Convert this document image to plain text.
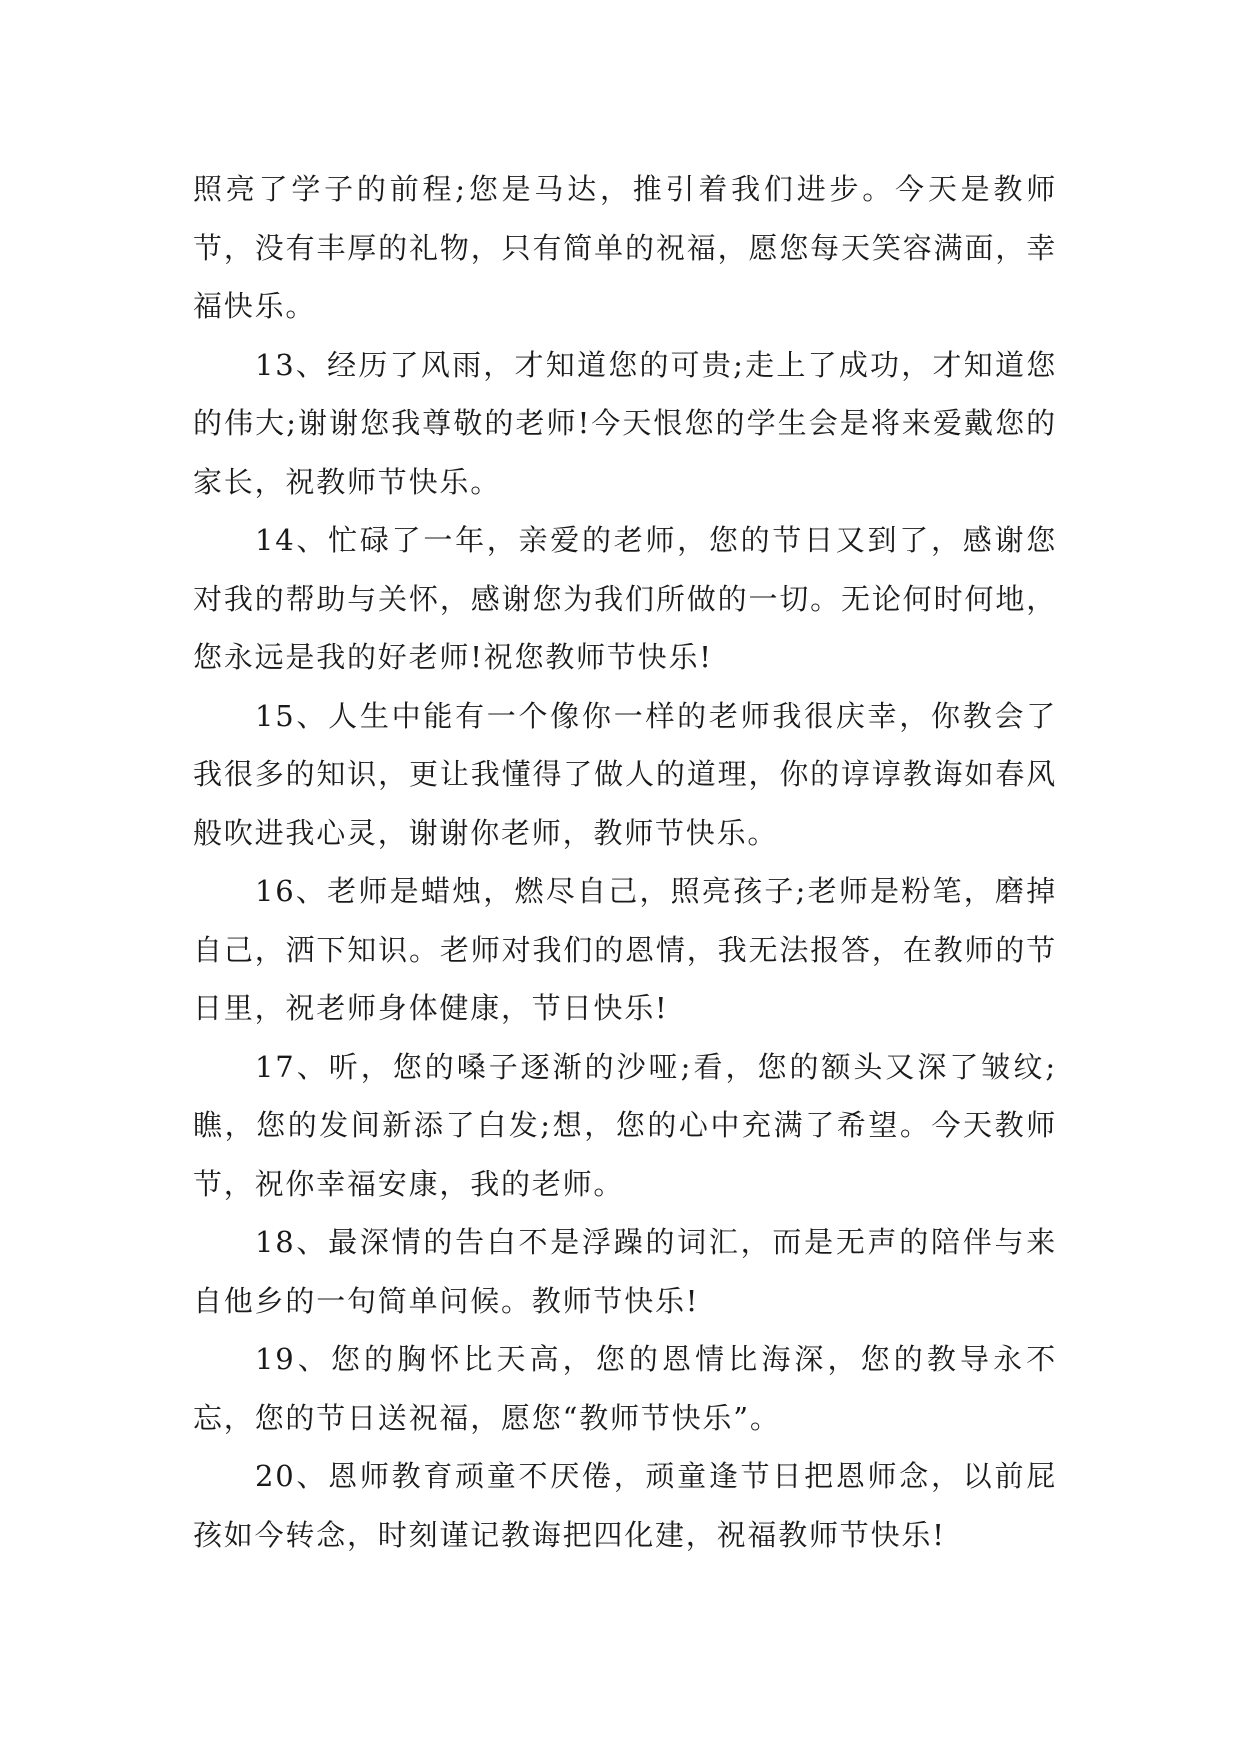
照亮了学子的前程;您是马达，推引着我们进步。今天是教师节，没有丰厚的礼物，只有简单的祝福，愿您每天笑容满面，幸福快乐。

13、经历了风雨，才知道您的可贵;走上了成功，才知道您的伟大;谢谢您我尊敬的老师!今天恨您的学生会是将来爱戴您的家长，祝教师节快乐。

14、忙碌了一年，亲爱的老师，您的节日又到了，感谢您对我的帮助与关怀，感谢您为我们所做的一切。无论何时何地，您永远是我的好老师!祝您教师节快乐!

15、人生中能有一个像你一样的老师我很庆幸，你教会了我很多的知识，更让我懂得了做人的道理，你的谆谆教诲如春风般吹进我心灵，谢谢你老师，教师节快乐。

16、老师是蜡烛，燃尽自己，照亮孩子;老师是粉笔，磨掉自己，洒下知识。老师对我们的恩情，我无法报答，在教师的节日里，祝老师身体健康，节日快乐!

17、听，您的嗓子逐渐的沙哑;看，您的额头又深了皱纹;瞧，您的发间新添了白发;想，您的心中充满了希望。今天教师节，祝你幸福安康，我的老师。

18、最深情的告白不是浮躁的词汇，而是无声的陪伴与来自他乡的一句简单问候。教师节快乐!

19、您的胸怀比天高，您的恩情比海深，您的教导永不忘，您的节日送祝福，愿您“教师节快乐”。

20、恩师教育顽童不厌倦，顽童逢节日把恩师念，以前屁孩如今转念，时刻谨记教诲把四化建，祝福教师节快乐!
